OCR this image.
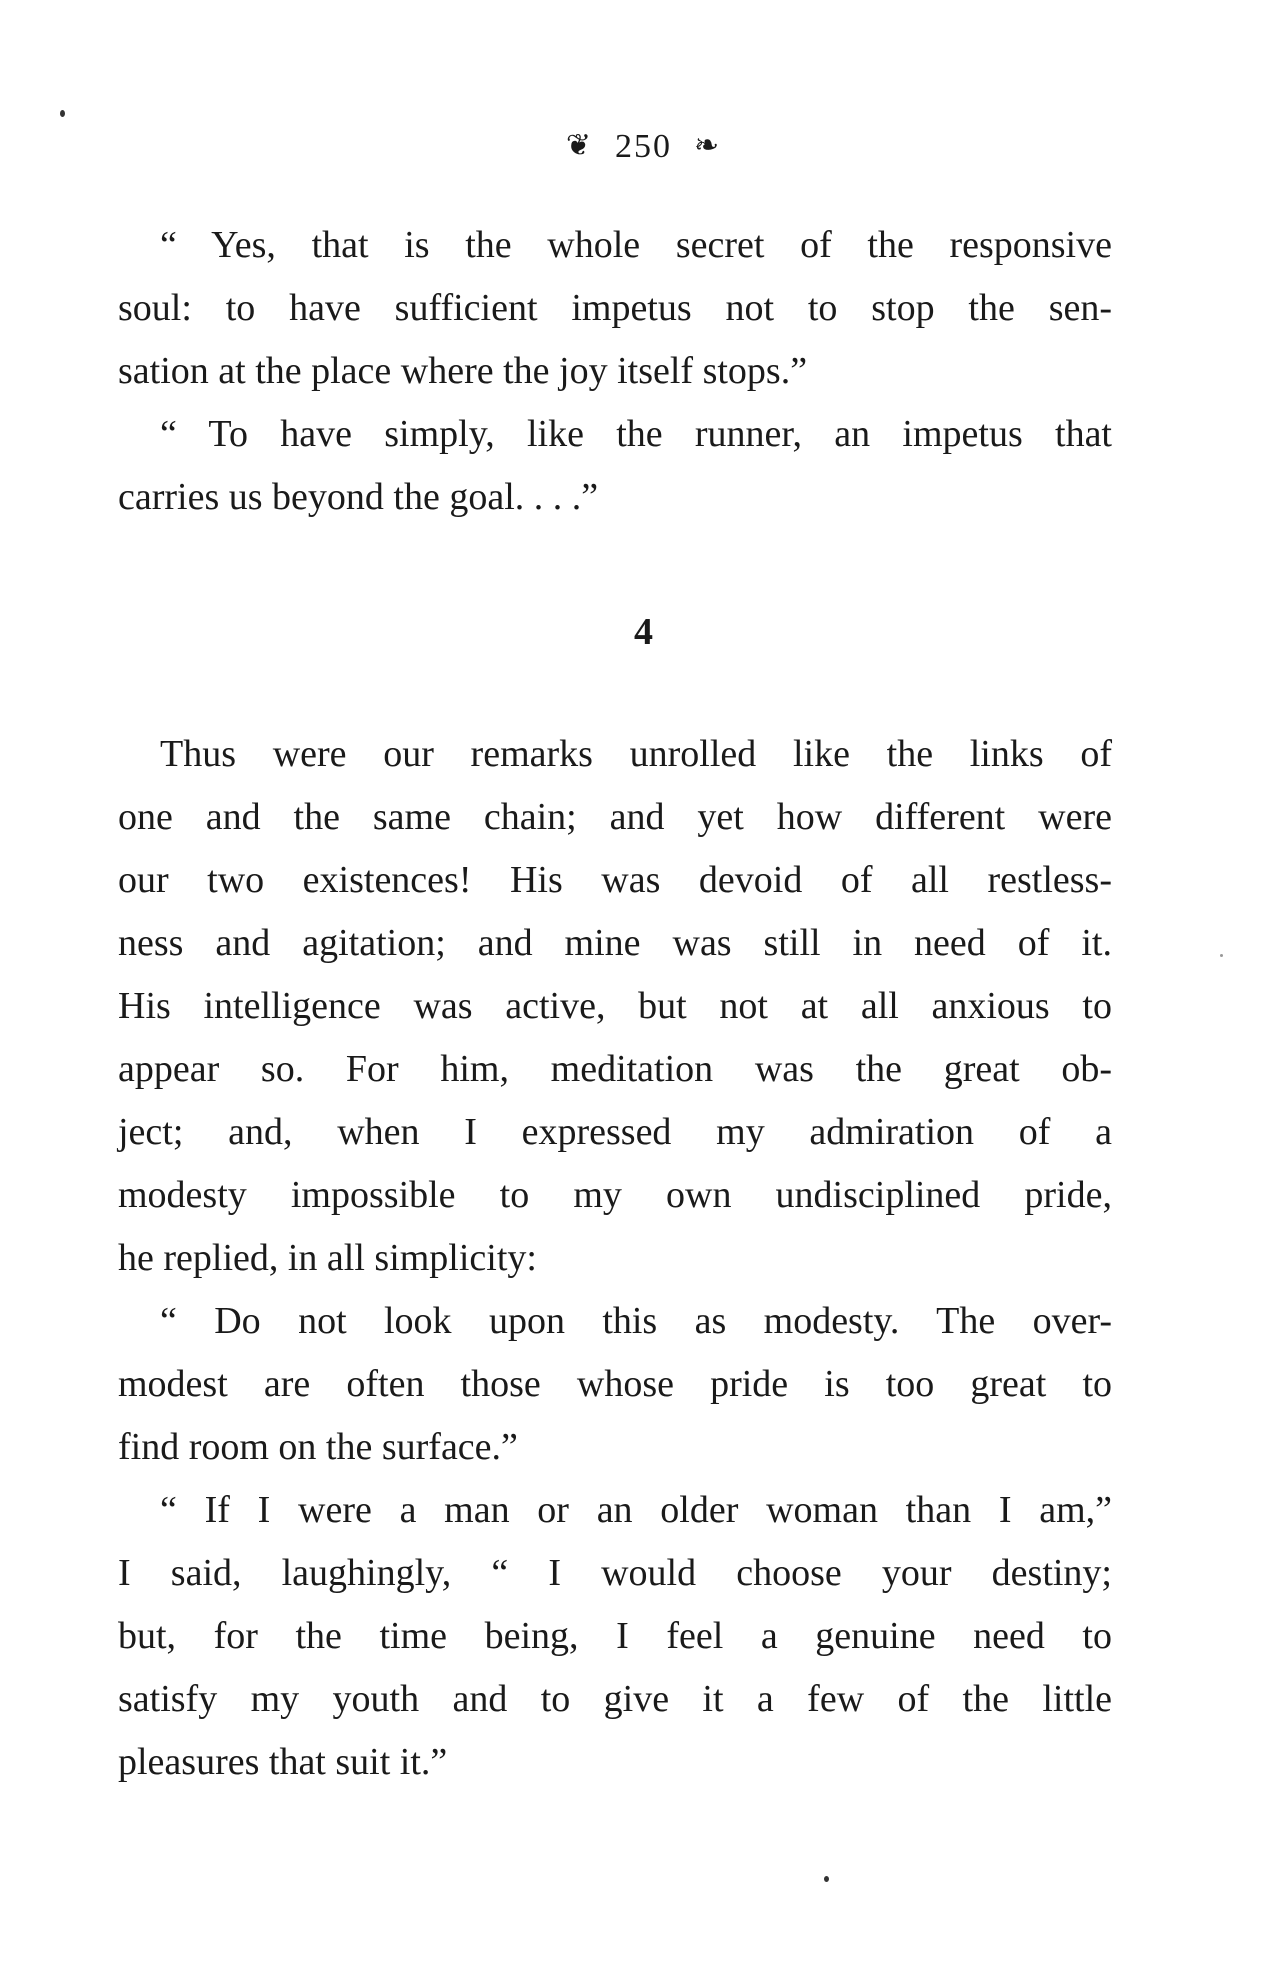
❦ 250 ❧
“ Yes, that is the whole secret of the responsive
soul: to have sufficient impetus not to stop the sen-
sation at the place where the joy itself stops.”
“ To have simply, like the runner, an impetus that
carries us beyond the goal. . . .”
4
Thus were our remarks unrolled like the links of
one and the same chain; and yet how different were
our two existences! His was devoid of all restless-
ness and agitation; and mine was still in need of it.
His intelligence was active, but not at all anxious to
appear so. For him, meditation was the great ob-
ject; and, when I expressed my admiration of a
modesty impossible to my own undisciplined pride,
he replied, in all simplicity:
“ Do not look upon this as modesty. The over-
modest are often those whose pride is too great to
find room on the surface.”
“ If I were a man or an older woman than I am,”
I said, laughingly, “ I would choose your destiny;
but, for the time being, I feel a genuine need to
satisfy my youth and to give it a few of the little
pleasures that suit it.”
